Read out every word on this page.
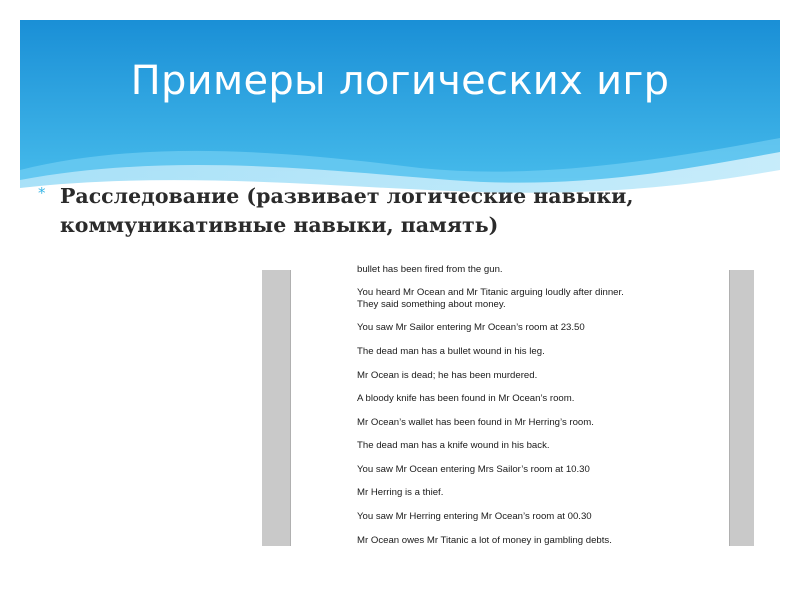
Примеры логических игр
* Расследование (развивает логические навыки,
коммуникативные навыки, память)
bullet has been fired from the gun.
You heard Mr Ocean and Mr Titanic arguing loudly after dinner.
They said something about money.
You saw Mr Sailor entering Mr Ocean’s room at 23.50
The dead man has a bullet wound in his leg.
Mr Ocean is dead; he has been murdered.
A bloody knife has been found in Mr Ocean’s room.
Mr Ocean’s wallet has been found in Mr Herring’s room.
The dead man has a knife wound in his back.
You saw Mr Ocean entering Mrs Sailor’s room at 10.30
Mr Herring is a thief.
You saw Mr Herring entering Mr Ocean’s room at 00.30
Mr Ocean owes Mr Titanic a lot of money in gambling debts.
